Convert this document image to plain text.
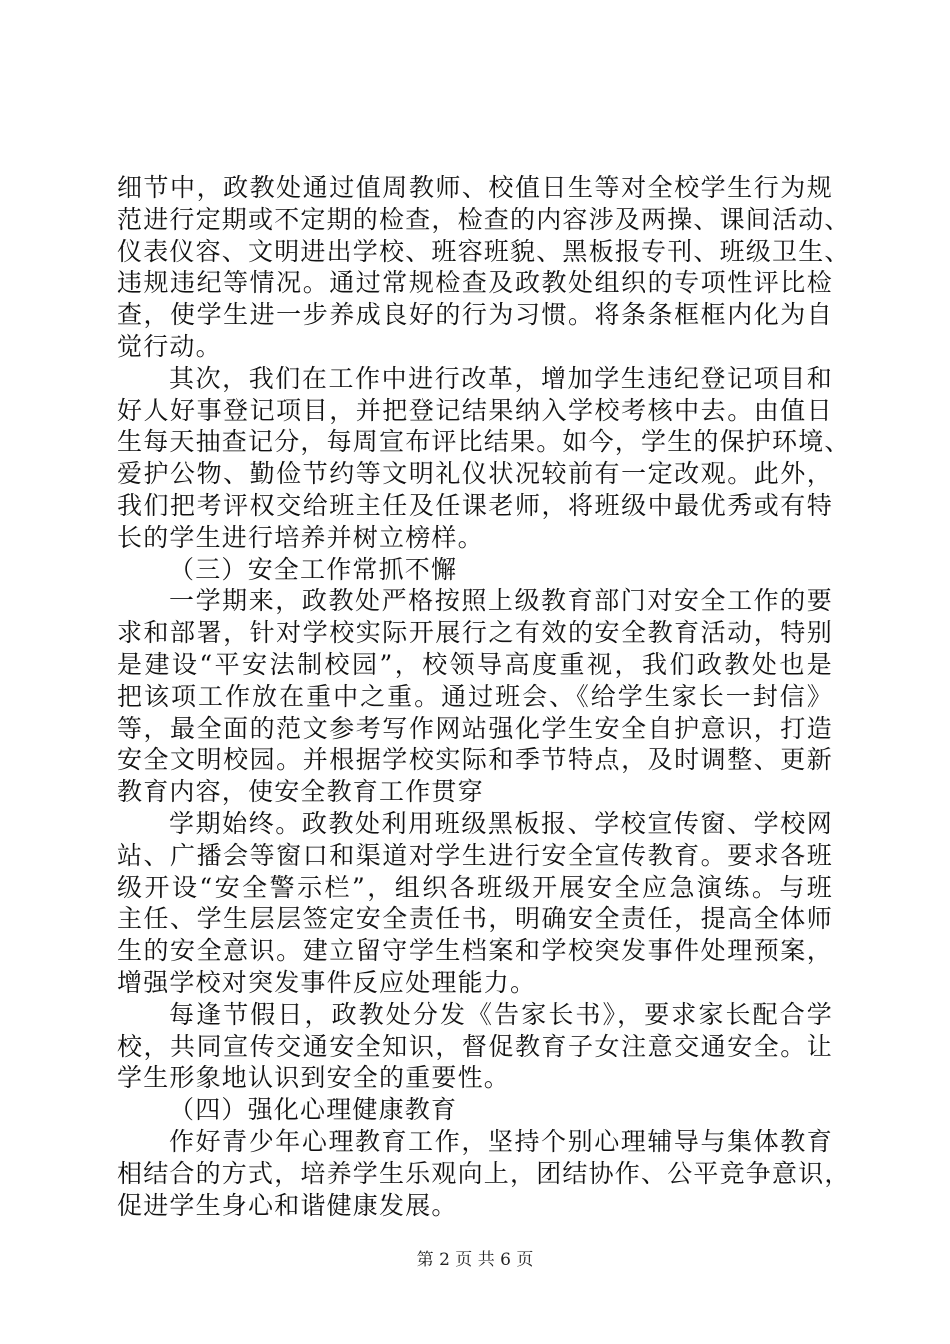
细节中，政教处通过值周教师、校值日生等对全校学生行为规
范进行定期或不定期的检查，检查的内容涉及两操、课间活动、
仪表仪容、文明进出学校、班容班貌、黑板报专刊、班级卫生、
违规违纪等情况。通过常规检查及政教处组织的专项性评比检
查，使学生进一步养成良好的行为习惯。将条条框框内化为自
觉行动。
其次，我们在工作中进行改革，增加学生违纪登记项目和
好人好事登记项目，并把登记结果纳入学校考核中去。由值日
生每天抽查记分，每周宣布评比结果。如今，学生的保护环境、
爱护公物、勤俭节约等文明礼仪状况较前有一定改观。此外，
我们把考评权交给班主任及任课老师，将班级中最优秀或有特
长的学生进行培养并树立榜样。
（三）安全工作常抓不懈
一学期来，政教处严格按照上级教育部门对安全工作的要
求和部署，针对学校实际开展行之有效的安全教育活动，特别
是建设“平安法制校园”，校领导高度重视，我们政教处也是
把该项工作放在重中之重。通过班会、《给学生家长一封信》
等，最全面的范文参考写作网站强化学生安全自护意识，打造
安全文明校园。并根据学校实际和季节特点，及时调整、更新
教育内容，使安全教育工作贯穿
学期始终。政教处利用班级黑板报、学校宣传窗、学校网
站、广播会等窗口和渠道对学生进行安全宣传教育。要求各班
级开设“安全警示栏”，组织各班级开展安全应急演练。与班
主任、学生层层签定安全责任书，明确安全责任，提高全体师
生的安全意识。建立留守学生档案和学校突发事件处理预案，
增强学校对突发事件反应处理能力。
每逢节假日，政教处分发《告家长书》，要求家长配合学
校，共同宣传交通安全知识，督促教育子女注意交通安全。让
学生形象地认识到安全的重要性。
（四）强化心理健康教育
作好青少年心理教育工作，坚持个别心理辅导与集体教育
相结合的方式，培养学生乐观向上，团结协作、公平竞争意识，
促进学生身心和谐健康发展。
第 2 页 共 6 页
